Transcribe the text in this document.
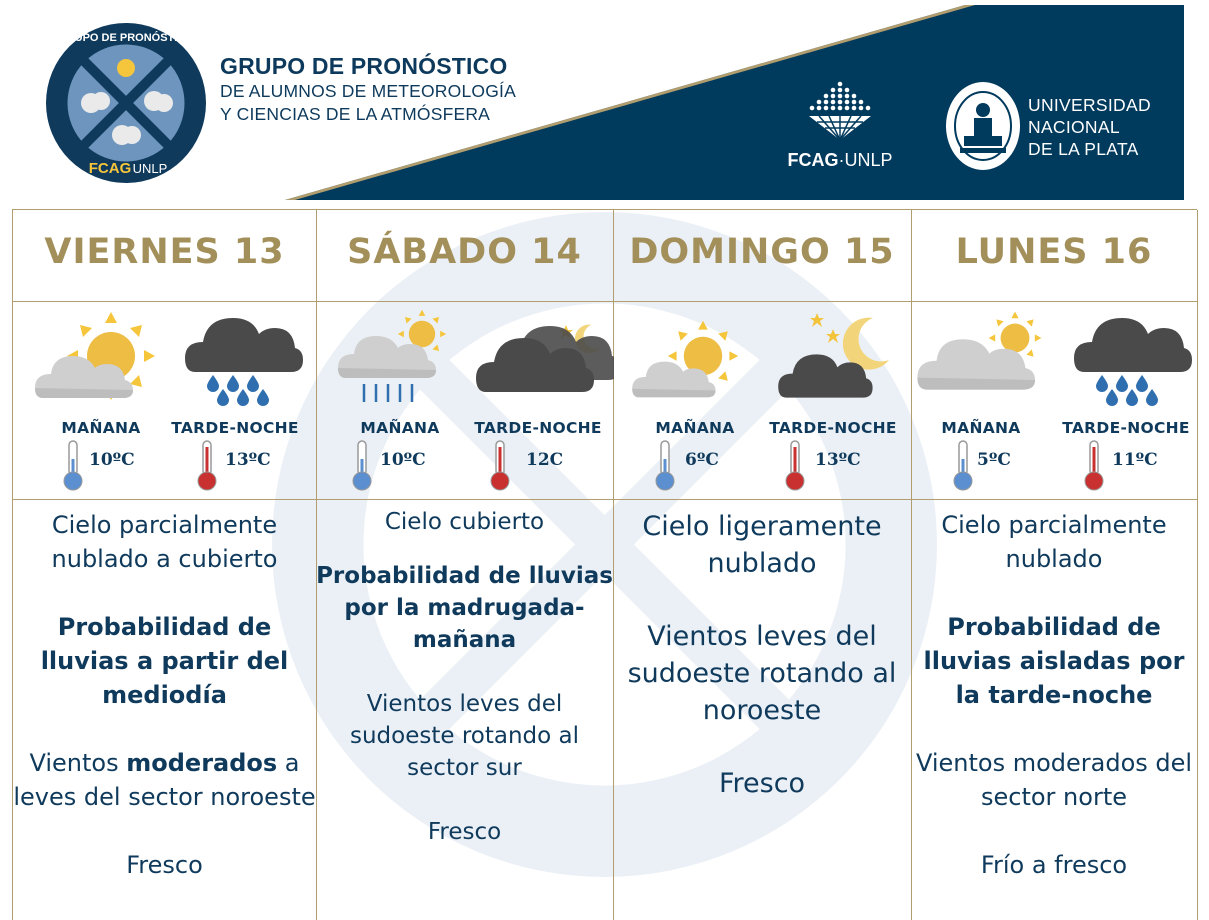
GRUPO DE PRONÓSTICO
FCAG UNLP
GRUPO DE PRONÓSTICO
DE ALUMNOS DE METEOROLOGÍA
Y CIENCIAS DE LA ATMÓSFERA
FCAG·UNLP
UNIVERSIDAD
NACIONAL
DE LA PLATA
VIERNES 13
MAÑANA
10ºC
TARDE-NOCHE
13ºC

Cielo parcialmente nublado a cubierto

Probabilidad de lluvias a partir del mediodía

Vientos moderados a leves del sector noroeste

Fresco

SÁBADO 14
MAÑANA
10ºC
TARDE-NOCHE
12C

Cielo cubierto

Probabilidad de lluvias por la madrugada-mañana

Vientos leves del sudoeste rotando al sector sur

Fresco

DOMINGO 15
MAÑANA
6ºC
TARDE-NOCHE
13ºC

Cielo ligeramente nublado

Vientos leves del sudoeste rotando al noroeste

Fresco

LUNES 16
MAÑANA
5ºC
TARDE-NOCHE
11ºC

Cielo parcialmente nublado

Probabilidad de lluvias aisladas por la tarde-noche

Vientos moderados del sector norte

Frío a fresco
